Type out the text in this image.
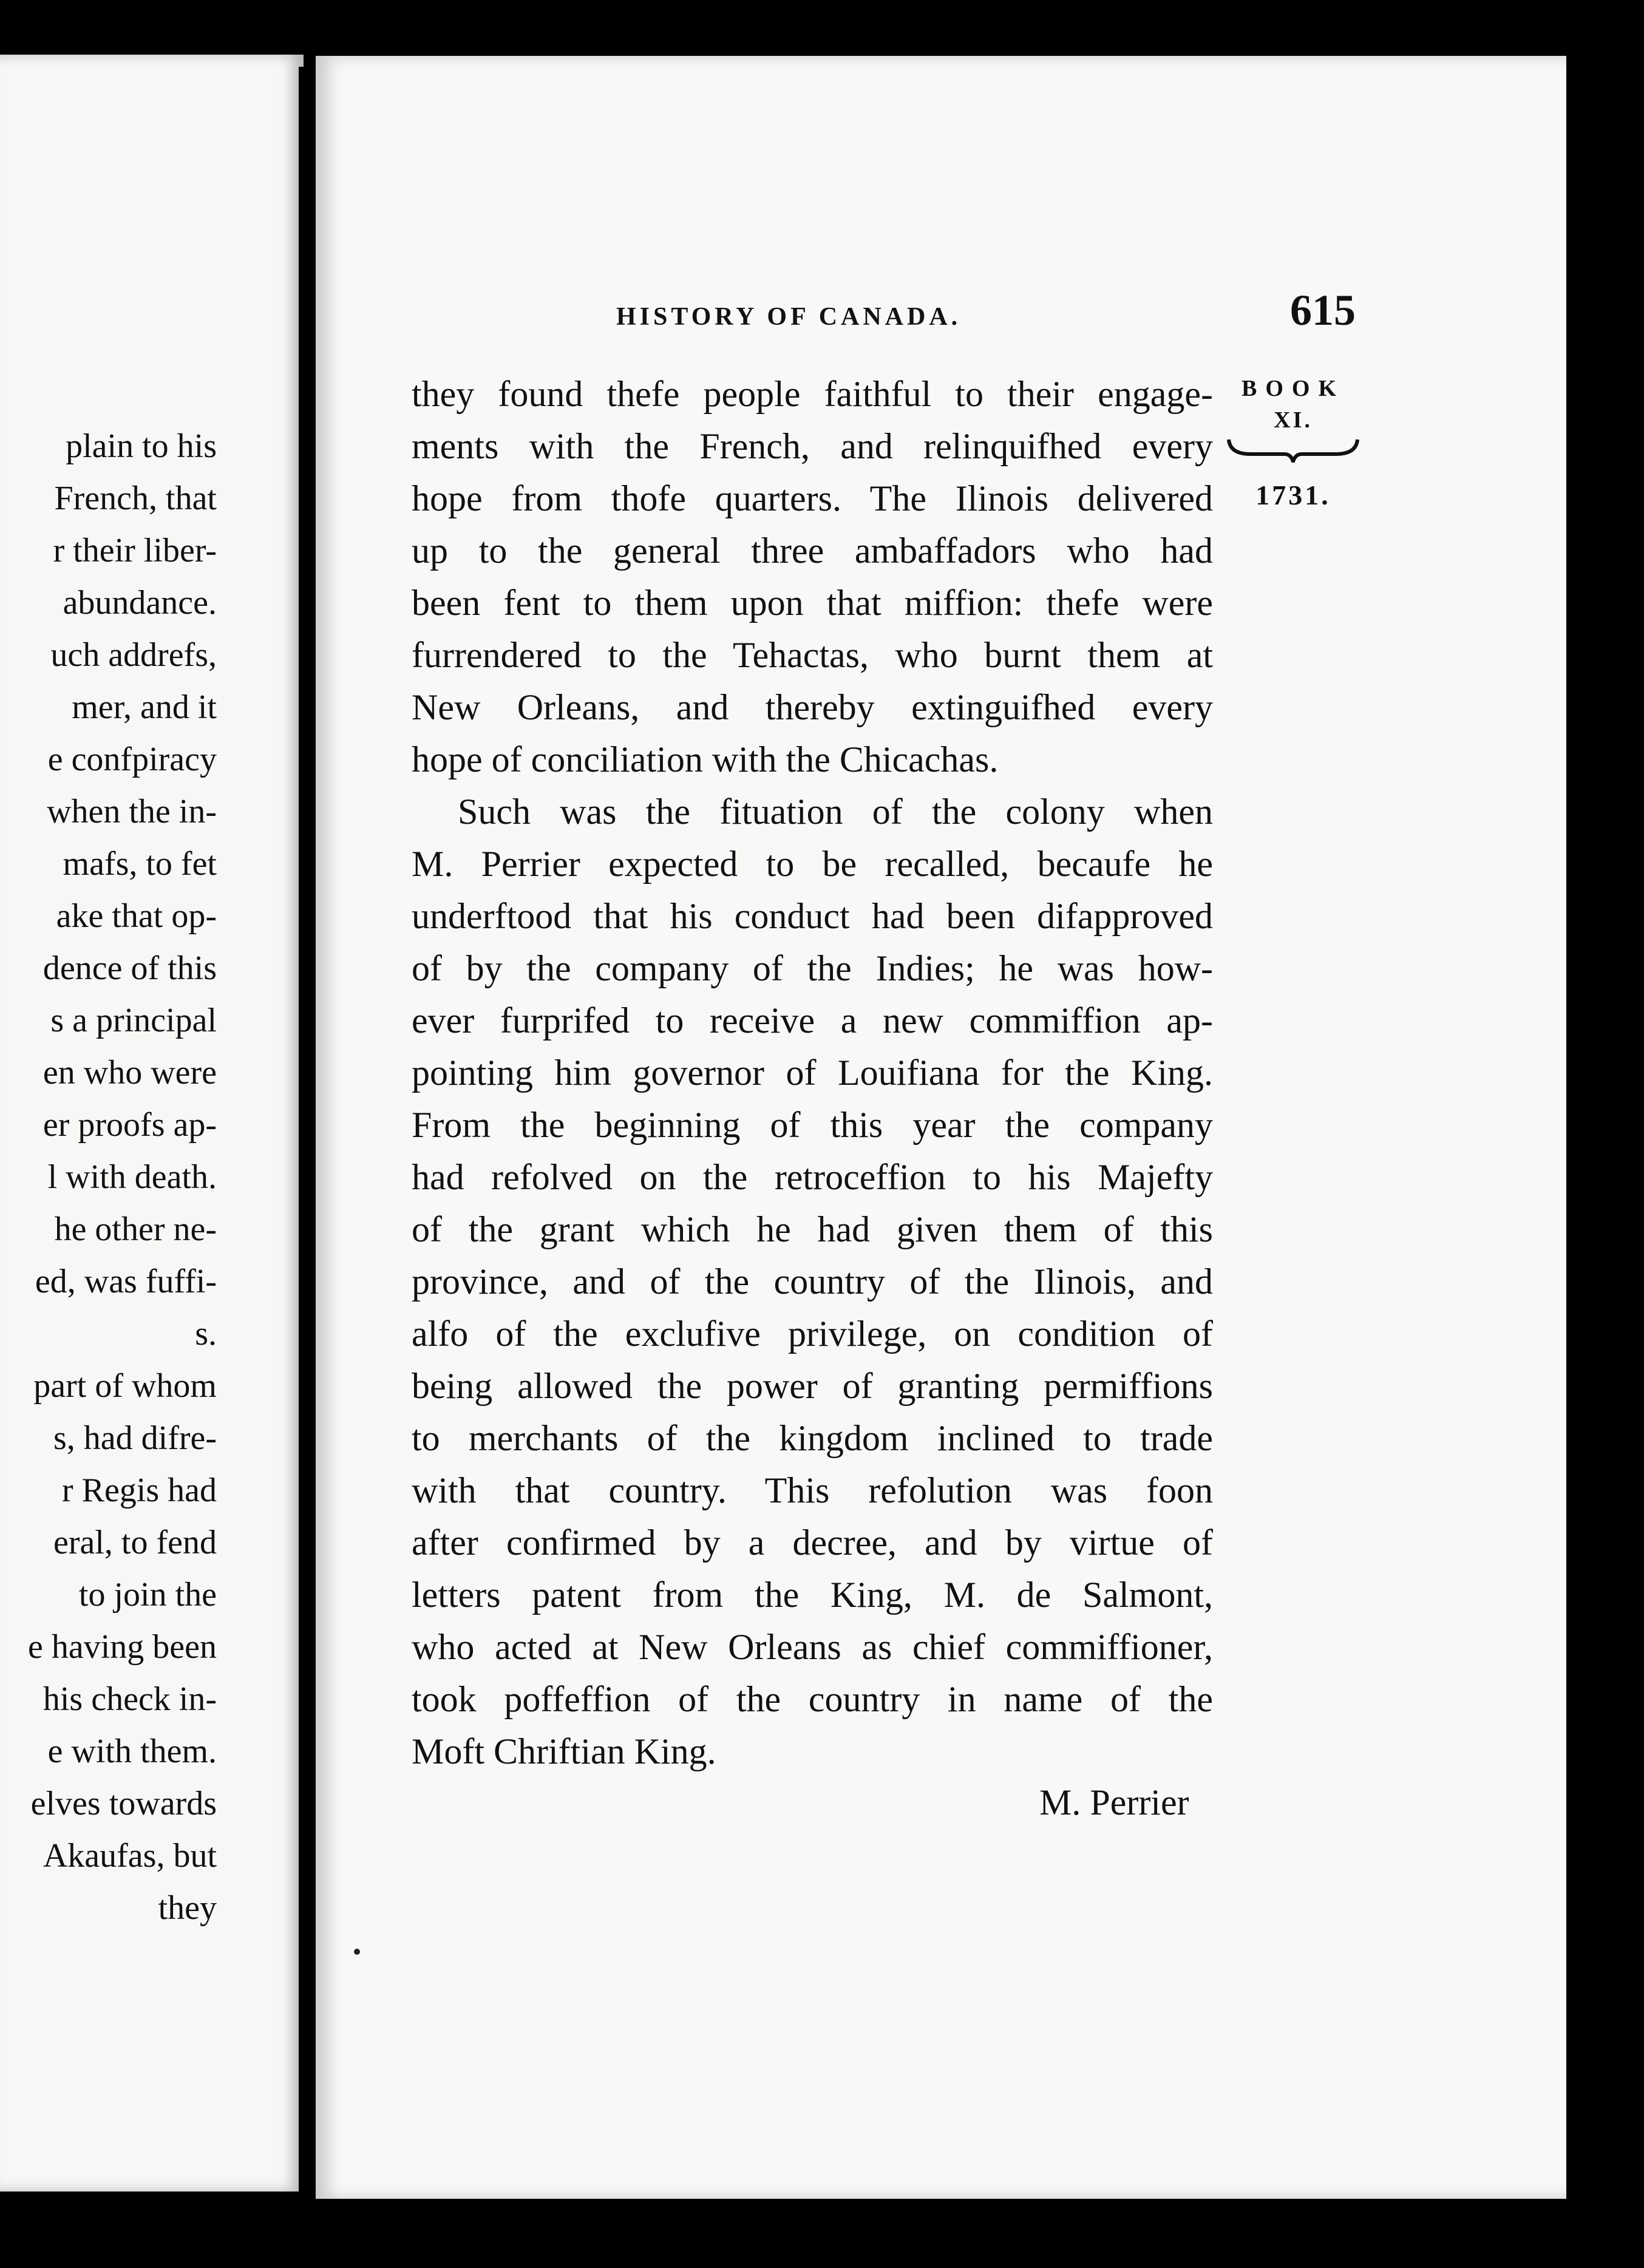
plain to his
French, that
r their liber-
abundance.
uch addrefs,
mer, and it
e confpiracy
when the in-
mafs, to fet
ake that op-
dence of this
s a principal
en who were
er proofs ap-
l with death.
he other ne-
ed, was fuffi-
s.
part of whom
s, had difre-
r Regis had
eral, to fend
to join the
e having been
his check in-
e with them.
elves towards
Akaufas, but
they
HISTORY OF CANADA.	615
BOOK
XI.
1731.
they found thefe people faithful to their engage-
ments with the French, and relinquifhed every
hope from thofe quarters. The Ilinois delivered
up to the general three ambaffadors who had
been fent to them upon that miffion: thefe were
furrendered to the Tehactas, who burnt them at
New Orleans, and thereby extinguifhed every
hope of conciliation with the Chicachas.
Such was the fituation of the colony when
M. Perrier expected to be recalled, becaufe he
underftood that his conduct had been difapproved
of by the company of the Indies; he was how-
ever furprifed to receive a new commiffion ap-
pointing him governor of Louifiana for the King.
From the beginning of this year the company
had refolved on the retroceffion to his Majefty
of the grant which he had given them of this
province, and of the country of the Ilinois, and
alfo of the exclufive privilege, on condition of
being allowed the power of granting permiffions
to merchants of the kingdom inclined to trade
with that country. This refolution was foon
after confirmed by a decree, and by virtue of
letters patent from the King, M. de Salmont,
who acted at New Orleans as chief commiffioner,
took poffeffion of the country in name of the
Moft Chriftian King.
M. Perrier
